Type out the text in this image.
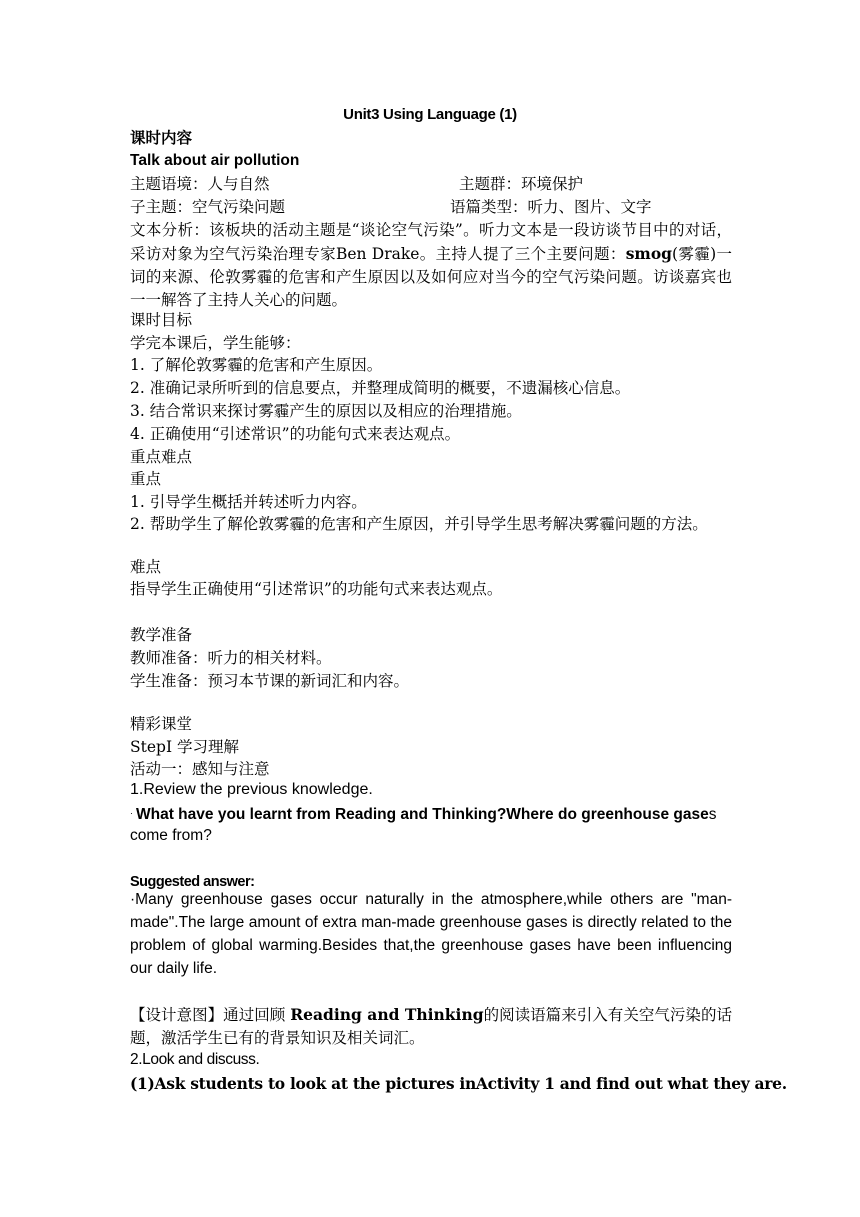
Unit3 Using Language (1)
课时内容
Talk about air pollution
主题语境：人与自然	主题群：环境保护
子主题：空气污染问题	语篇类型：听力、图片、文字

文本分析：该板块的活动主题是“谈论空气污染”。听力文本是一段访谈节目中的对话，采访对象为空气污染治理专家Ben Drake。主持人提了三个主要问题：smog(雾霾)一词的来源、伦敦雾霾的危害和产生原因以及如何应对当今的空气污染问题。访谈嘉宾也一一解答了主持人关心的问题。

课时目标
学完本课后，学生能够：
1. 了解伦敦雾霾的危害和产生原因。
2. 准确记录所听到的信息要点，并整理成简明的概要，不遗漏核心信息。
3. 结合常识来探讨雾霾产生的原因以及相应的治理措施。
4. 正确使用“引述常识”的功能句式来表达观点。
重点难点
重点
1. 引导学生概括并转述听力内容。

2. 帮助学生了解伦敦雾霾的危害和产生原因，并引导学生思考解决雾霾问题的方法。

难点
指导学生正确使用“引述常识”的功能句式来表达观点。
教学准备
教师准备：听力的相关材料。
学生准备：预习本节课的新词汇和内容。
精彩课堂
StepI 学习理解
活动一：感知与注意
1.Review the previous knowledge.
· What have you learnt from Reading and Thinking?Where do greenhouse gases
come from?
Suggested answer:

·Many greenhouse gases occur naturally in the atmosphere,while others are "man-made".The large amount of extra man-made greenhouse gases is directly related to the problem of global warming.Besides that,the greenhouse gases have been influencing our daily life.

【设计意图】通过回顾 Reading and Thinking的阅读语篇来引入有关空气污染的话题，激活学生已有的背景知识及相关词汇。

2.Look and discuss.
(1)Ask students to look at the pictures inActivity 1 and find out what they are.
